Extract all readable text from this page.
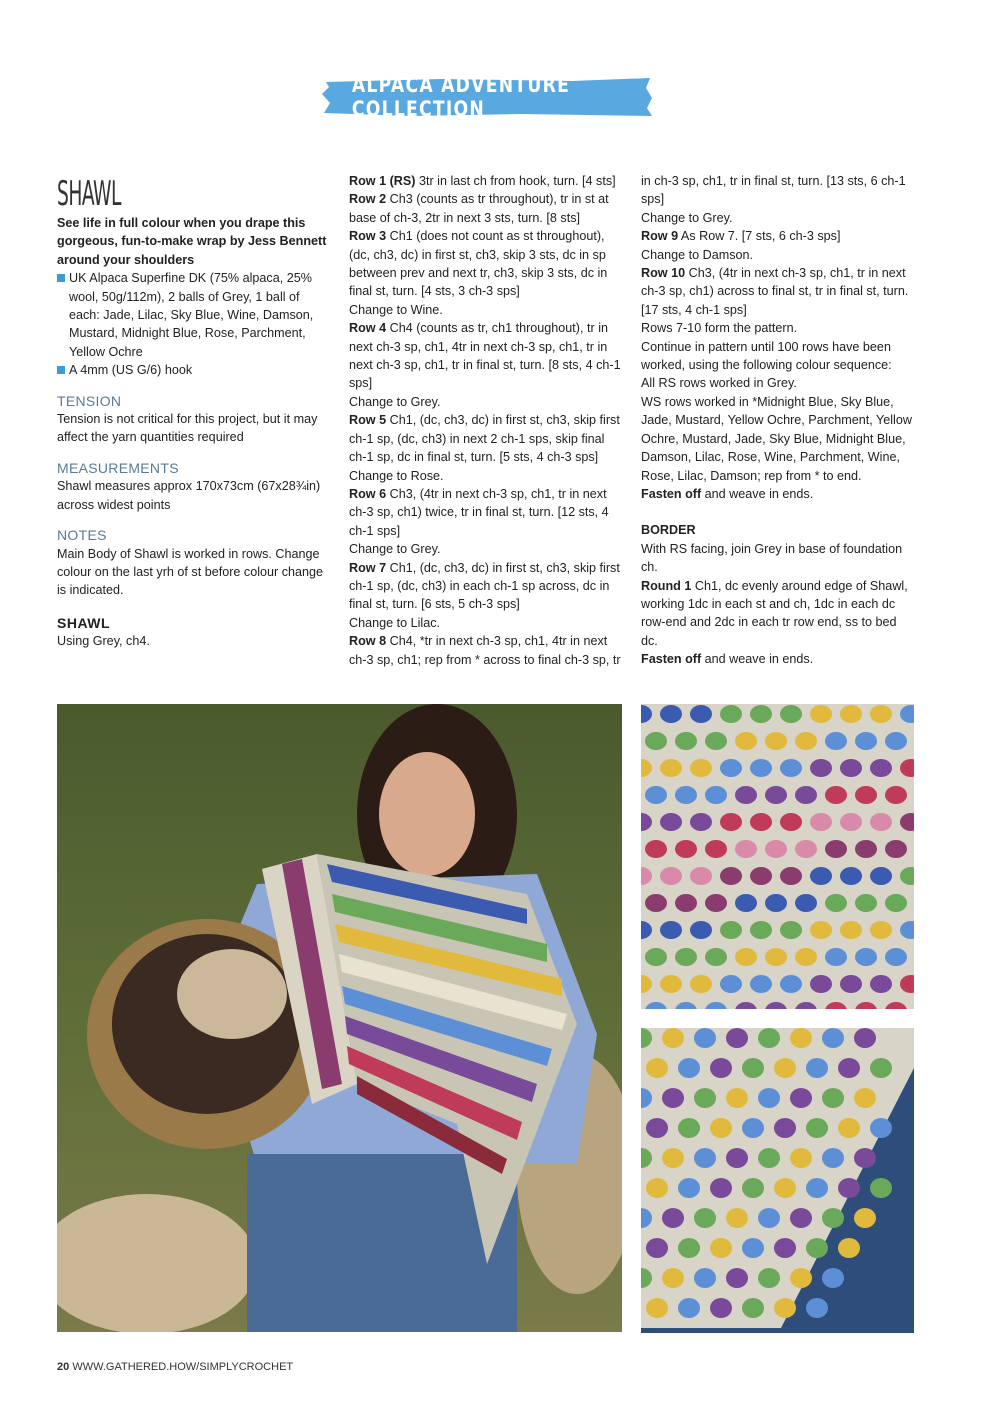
ALPACA ADVENTURE COLLECTION
SHAWL

See life in full colour when you drape this gorgeous, fun-to-make wrap by Jess Bennett around your shoulders

UK Alpaca Superfine DK (75% alpaca, 25% wool, 50g/112m), 2 balls of Grey, 1 ball of each: Jade, Lilac, Sky Blue, Wine, Damson, Mustard, Midnight Blue, Rose, Parchment, Yellow Ochre
A 4mm (US G/6) hook
TENSION

Tension is not critical for this project, but it may affect the yarn quantities required

MEASUREMENTS

Shawl measures approx 170x73cm (67x28¾in) across widest points

NOTES

Main Body of Shawl is worked in rows. Change colour on the last yrh of st before colour change is indicated.

SHAWL

Using Grey, ch4.

Row 1 (RS) 3tr in last ch from hook, turn. [4 sts]

Row 2 Ch3 (counts as tr throughout), tr in st at base of ch-3, 2tr in next 3 sts, turn. [8 sts]

Row 3 Ch1 (does not count as st throughout), (dc, ch3, dc) in first st, ch3, skip 3 sts, dc in sp between prev and next tr, ch3, skip 3 sts, dc in final st, turn. [4 sts, 3 ch-3 sps]

Change to Wine.

Row 4 Ch4 (counts as tr, ch1 throughout), tr in next ch-3 sp, ch1, 4tr in next ch-3 sp, ch1, tr in next ch-3 sp, ch1, tr in final st, turn. [8 sts, 4 ch-1 sps]

Change to Grey.

Row 5 Ch1, (dc, ch3, dc) in first st, ch3, skip first ch-1 sp, (dc, ch3) in next 2 ch-1 sps, skip final ch-1 sp, dc in final st, turn. [5 sts, 4 ch-3 sps]

Change to Rose.

Row 6 Ch3, (4tr in next ch-3 sp, ch1, tr in next ch-3 sp, ch1) twice, tr in final st, turn. [12 sts, 4 ch-1 sps]

Change to Grey.

Row 7 Ch1, (dc, ch3, dc) in first st, ch3, skip first ch-1 sp, (dc, ch3) in each ch-1 sp across, dc in final st, turn. [6 sts, 5 ch-3 sps]

Change to Lilac.

Row 8 Ch4, *tr in next ch-3 sp, ch1, 4tr in next ch-3 sp, ch1; rep from * across to final ch-3 sp, tr

in ch-3 sp, ch1, tr in final st, turn. [13 sts, 6 ch-1 sps]

Change to Grey.

Row 9 As Row 7. [7 sts, 6 ch-3 sps]

Change to Damson.

Row 10 Ch3, (4tr in next ch-3 sp, ch1, tr in next ch-3 sp, ch1) across to final st, tr in final st, turn. [17 sts, 4 ch-1 sps]

Rows 7-10 form the pattern.

Continue in pattern until 100 rows have been worked, using the following colour sequence:

All RS rows worked in Grey.

WS rows worked in *Midnight Blue, Sky Blue, Jade, Mustard, Yellow Ochre, Parchment, Yellow Ochre, Mustard, Jade, Sky Blue, Midnight Blue, Damson, Lilac, Rose, Wine, Parchment, Wine, Rose, Lilac, Damson; rep from * to end.

Fasten off and weave in ends.

BORDER

With RS facing, join Grey in base of foundation ch.

Round 1 Ch1, dc evenly around edge of Shawl, working 1dc in each st and ch, 1dc in each dc row-end and 2dc in each tr row end, ss to bed dc.

Fasten off and weave in ends.

20 WWW.GATHERED.HOW/SIMPLYCROCHET
